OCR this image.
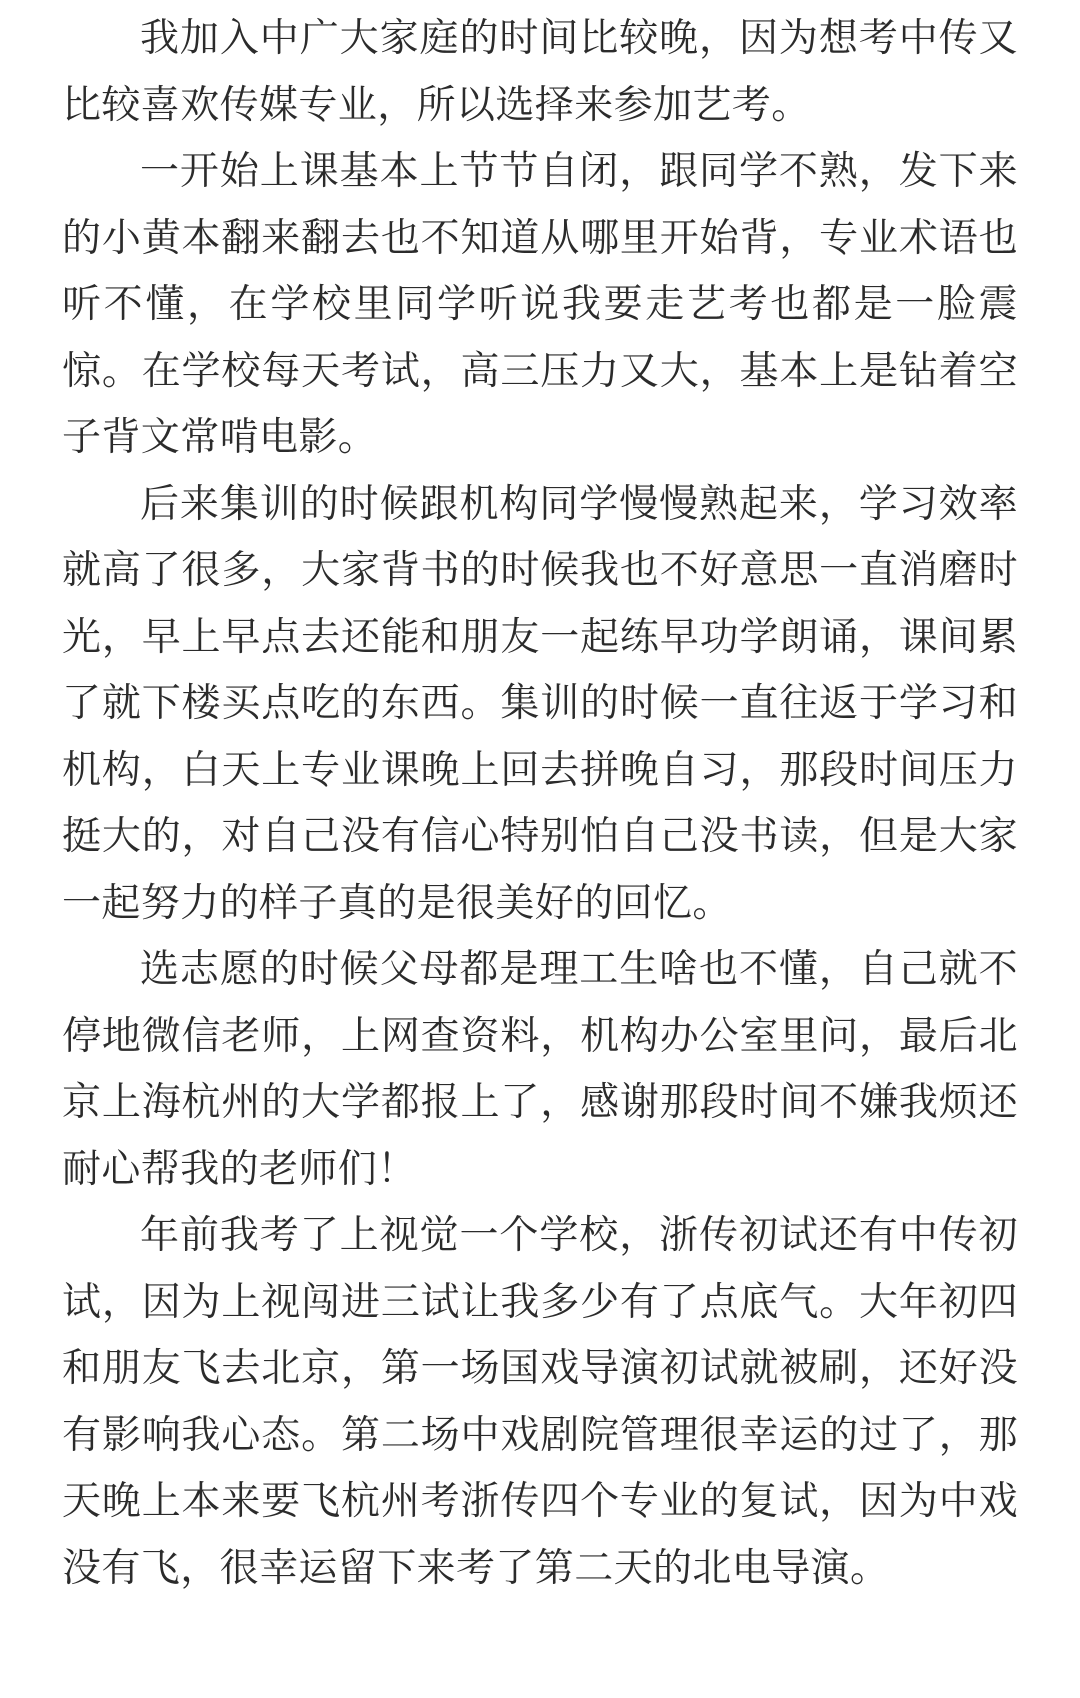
我加入中广大家庭的时间比较晚，因为想考中传又比较喜欢传媒专业，所以选择来参加艺考。

一开始上课基本上节节自闭，跟同学不熟，发下来的小黄本翻来翻去也不知道从哪里开始背，专业术语也听不懂，在学校里同学听说我要走艺考也都是一脸震惊。在学校每天考试，高三压力又大，基本上是钻着空子背文常啃电影。

后来集训的时候跟机构同学慢慢熟起来，学习效率就高了很多，大家背书的时候我也不好意思一直消磨时光，早上早点去还能和朋友一起练早功学朗诵，课间累了就下楼买点吃的东西。集训的时候一直往返于学习和机构，白天上专业课晚上回去拼晚自习，那段时间压力挺大的，对自己没有信心特别怕自己没书读，但是大家一起努力的样子真的是很美好的回忆。

选志愿的时候父母都是理工生啥也不懂，自己就不停地微信老师，上网查资料，机构办公室里问，最后北京上海杭州的大学都报上了，感谢那段时间不嫌我烦还耐心帮我的老师们！

年前我考了上视觉一个学校，浙传初试还有中传初试，因为上视闯进三试让我多少有了点底气。大年初四和朋友飞去北京，第一场国戏导演初试就被刷，还好没有影响我心态。第二场中戏剧院管理很幸运的过了，那天晚上本来要飞杭州考浙传四个专业的复试，因为中戏没有飞，很幸运留下来考了第二天的北电导演。
